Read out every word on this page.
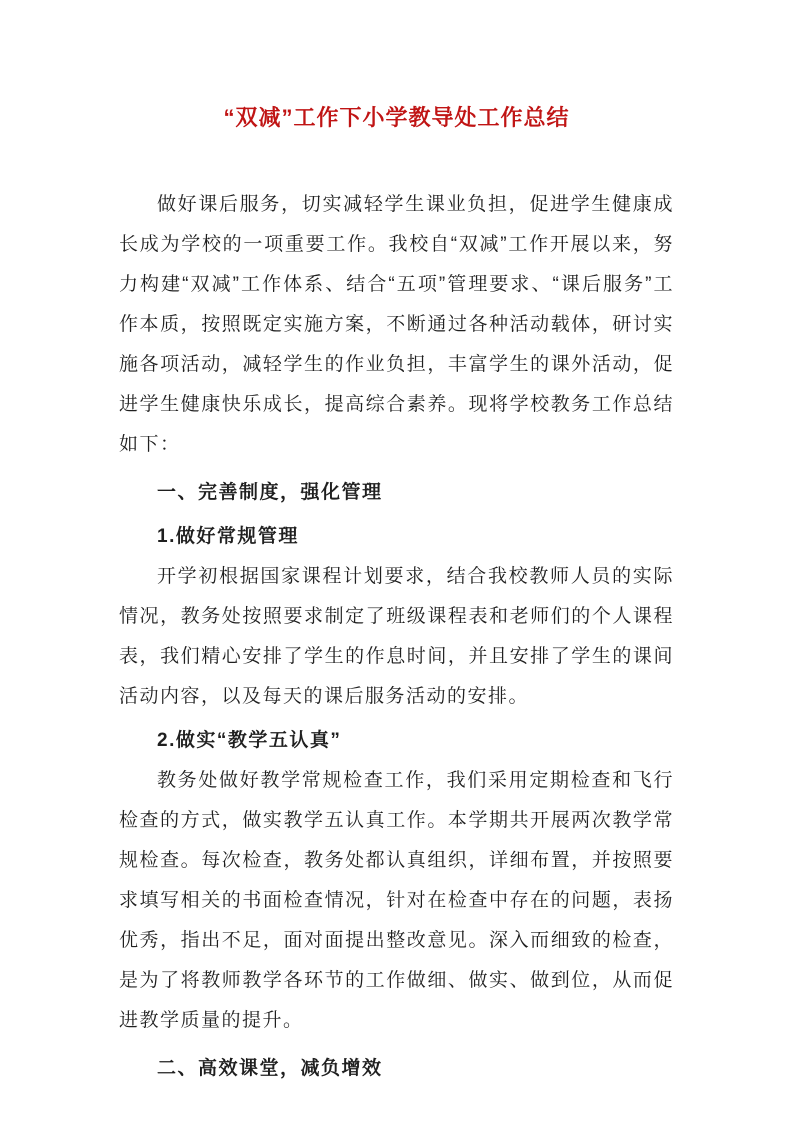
“双减”工作下小学教导处工作总结

做好课后服务，切实减轻学生课业负担，促进学生健康成长成为学校的一项重要工作。我校自“双减”工作开展以来，努力构建“双减”工作体系、结合“五项”管理要求、“课后服务”工作本质，按照既定实施方案，不断通过各种活动载体，研讨实施各项活动，减轻学生的作业负担，丰富学生的课外活动，促进学生健康快乐成长，提高综合素养。现将学校教务工作总结如下：

一、完善制度，强化管理
1.做好常规管理

开学初根据国家课程计划要求，结合我校教师人员的实际情况，教务处按照要求制定了班级课程表和老师们的个人课程表，我们精心安排了学生的作息时间，并且安排了学生的课间活动内容，以及每天的课后服务活动的安排。

2.做实“教学五认真”

教务处做好教学常规检查工作，我们采用定期检查和飞行检查的方式，做实教学五认真工作。本学期共开展两次教学常规检查。每次检查，教务处都认真组织，详细布置，并按照要求填写相关的书面检查情况，针对在检查中存在的问题，表扬优秀，指出不足，面对面提出整改意见。深入而细致的检查，是为了将教师教学各环节的工作做细、做实、做到位，从而促进教学质量的提升。

二、高效课堂，减负增效
